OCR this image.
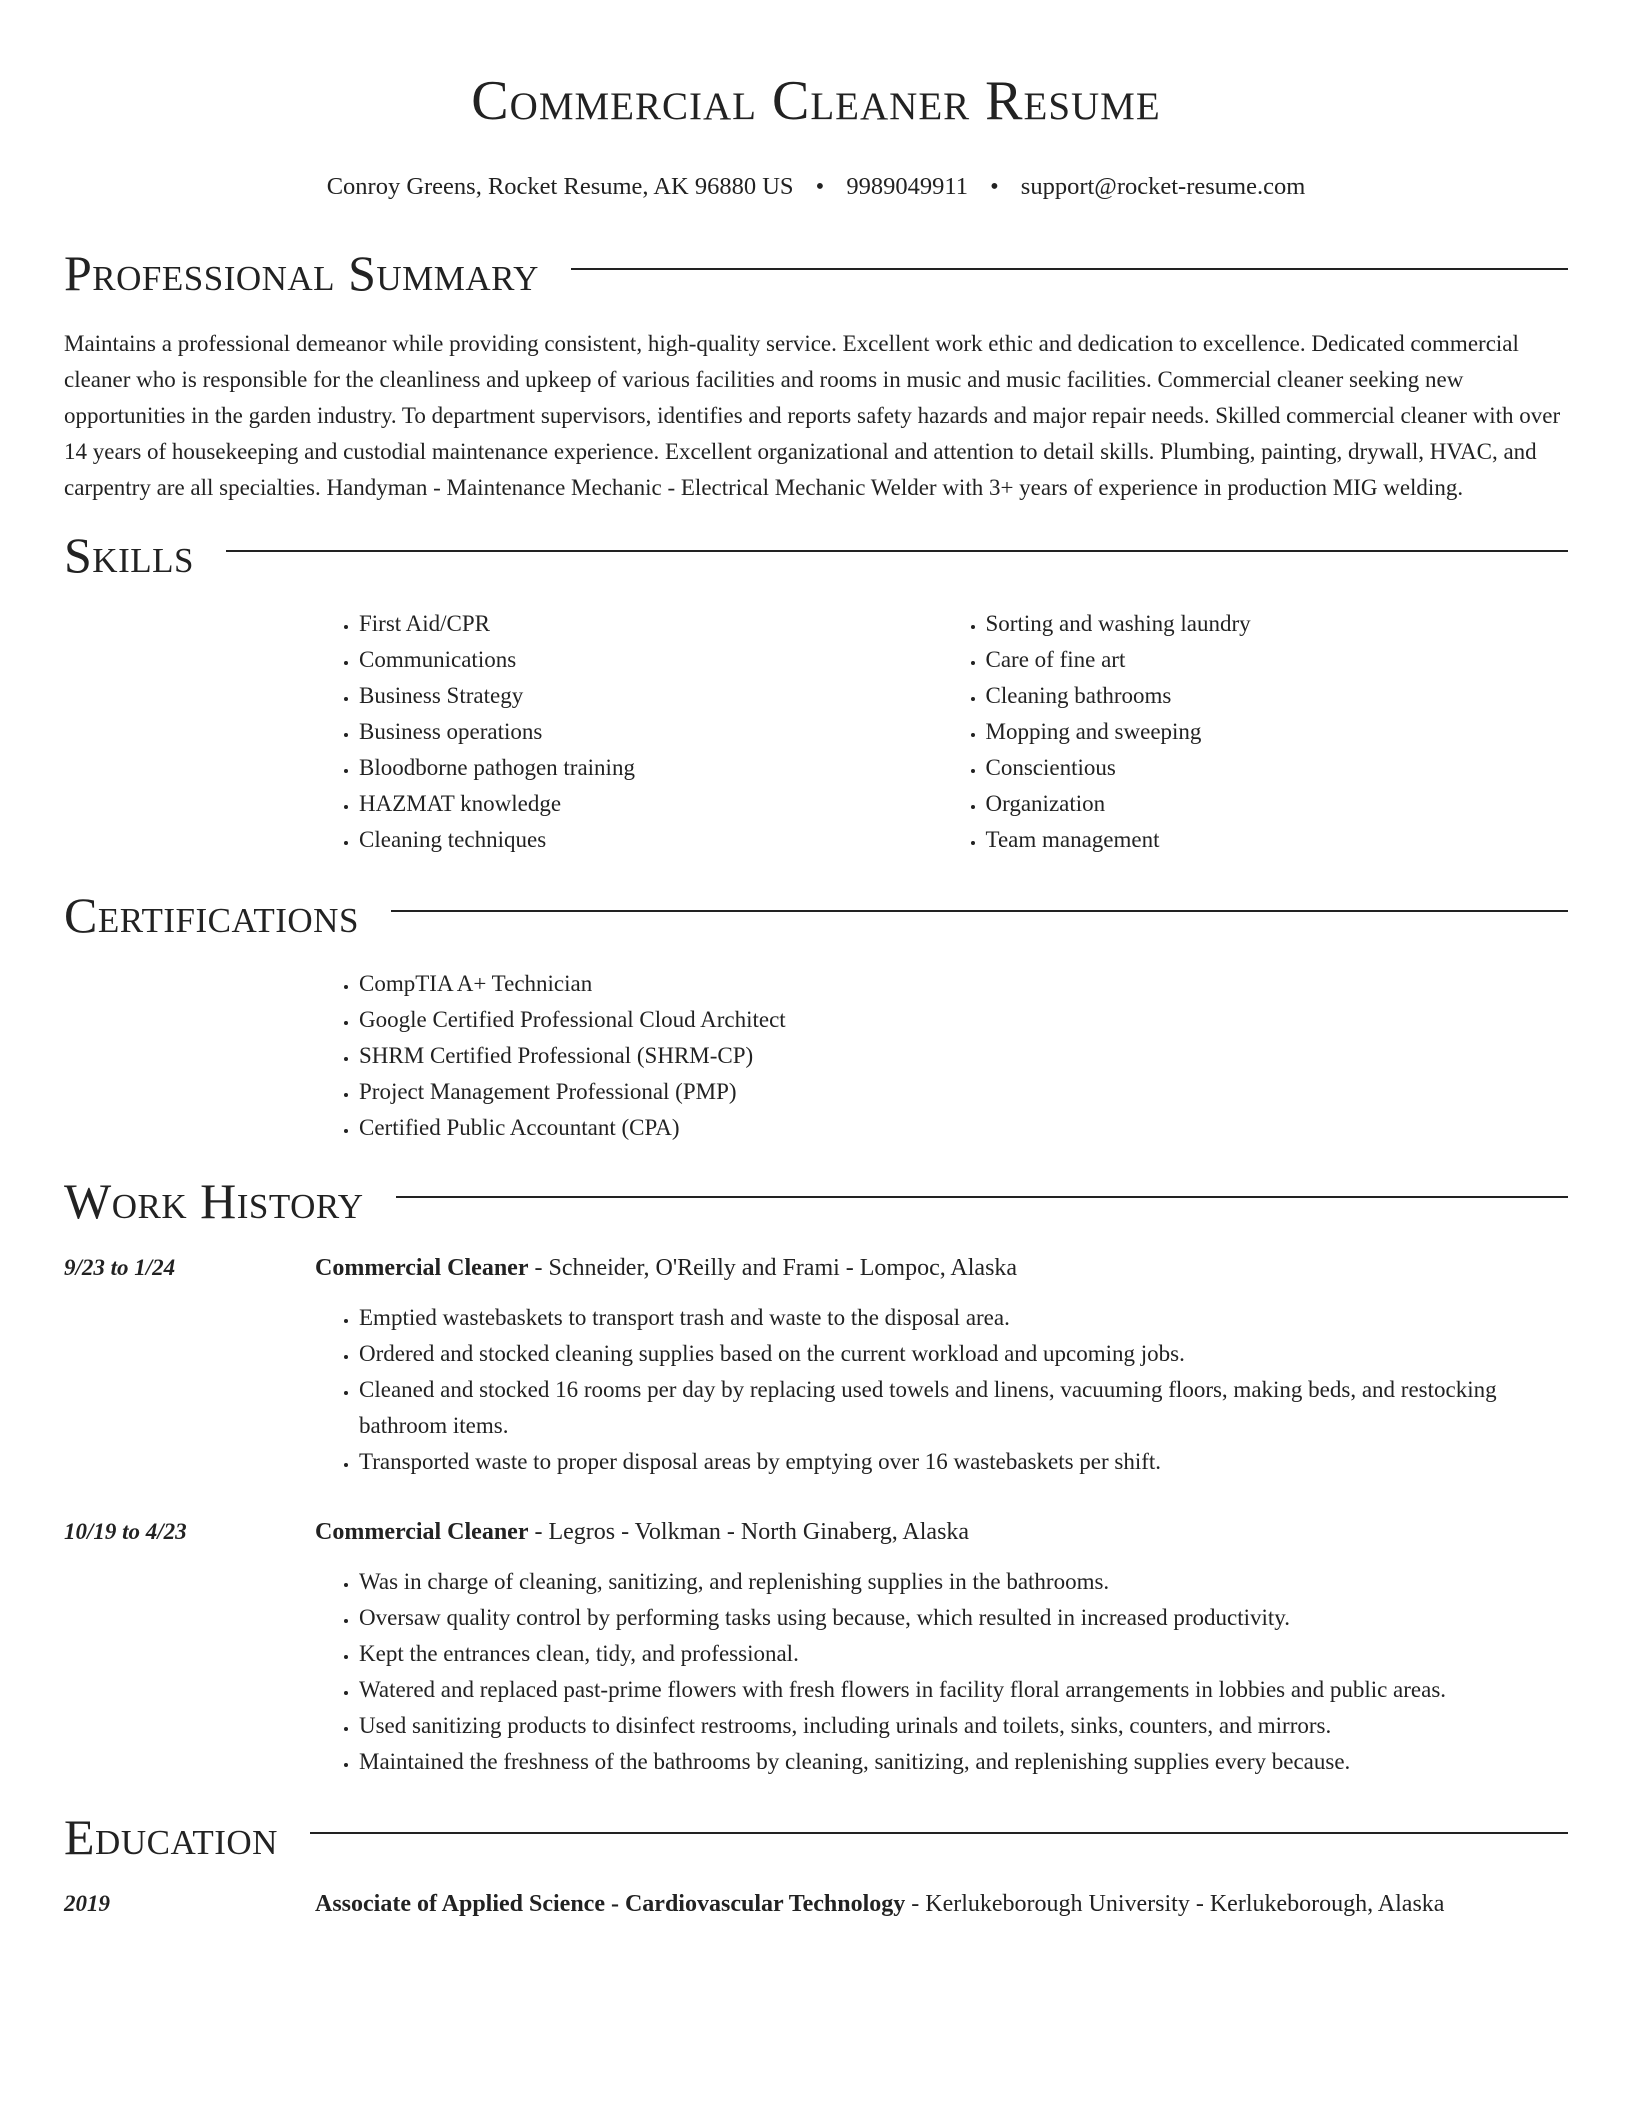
Commercial Cleaner Resume
Conroy Greens, Rocket Resume, AK 96880 US • 9989049911 • support@rocket-resume.com
Professional Summary

Maintains a professional demeanor while providing consistent, high-quality service. Excellent work ethic and dedication to excellence. Dedicated commercial cleaner who is responsible for the cleanliness and upkeep of various facilities and rooms in music and music facilities. Commercial cleaner seeking new opportunities in the garden industry. To department supervisors, identifies and reports safety hazards and major repair needs. Skilled commercial cleaner with over 14 years of housekeeping and custodial maintenance experience. Excellent organizational and attention to detail skills. Plumbing, painting, drywall, HVAC, and carpentry are all specialties. Handyman - Maintenance Mechanic - Electrical Mechanic Welder with 3+ years of experience in production MIG welding.

Skills
• First Aid/CPR
• Communications
• Business Strategy
• Business operations
• Bloodborne pathogen training
• HAZMAT knowledge
• Cleaning techniques
• Sorting and washing laundry
• Care of fine art
• Cleaning bathrooms
• Mopping and sweeping
• Conscientious
• Organization
• Team management
Certifications
• CompTIA A+ Technician
• Google Certified Professional Cloud Architect
• SHRM Certified Professional (SHRM-CP)
• Project Management Professional (PMP)
• Certified Public Accountant (CPA)
Work History
9/23 to 1/24	Commercial Cleaner - Schneider, O'Reilly and Frami - Lompoc, Alaska
• Emptied wastebaskets to transport trash and waste to the disposal area.
• Ordered and stocked cleaning supplies based on the current workload and upcoming jobs.
• Cleaned and stocked 16 rooms per day by replacing used towels and linens, vacuuming floors, making beds, and restocking bathroom items.
• Transported waste to proper disposal areas by emptying over 16 wastebaskets per shift.
10/19 to 4/23	Commercial Cleaner - Legros - Volkman - North Ginaberg, Alaska
• Was in charge of cleaning, sanitizing, and replenishing supplies in the bathrooms.
• Oversaw quality control by performing tasks using because, which resulted in increased productivity.
• Kept the entrances clean, tidy, and professional.
• Watered and replaced past-prime flowers with fresh flowers in facility floral arrangements in lobbies and public areas.
• Used sanitizing products to disinfect restrooms, including urinals and toilets, sinks, counters, and mirrors.
• Maintained the freshness of the bathrooms by cleaning, sanitizing, and replenishing supplies every because.
Education
2019	Associate of Applied Science - Cardiovascular Technology - Kerlukeborough University - Kerlukeborough, Alaska
